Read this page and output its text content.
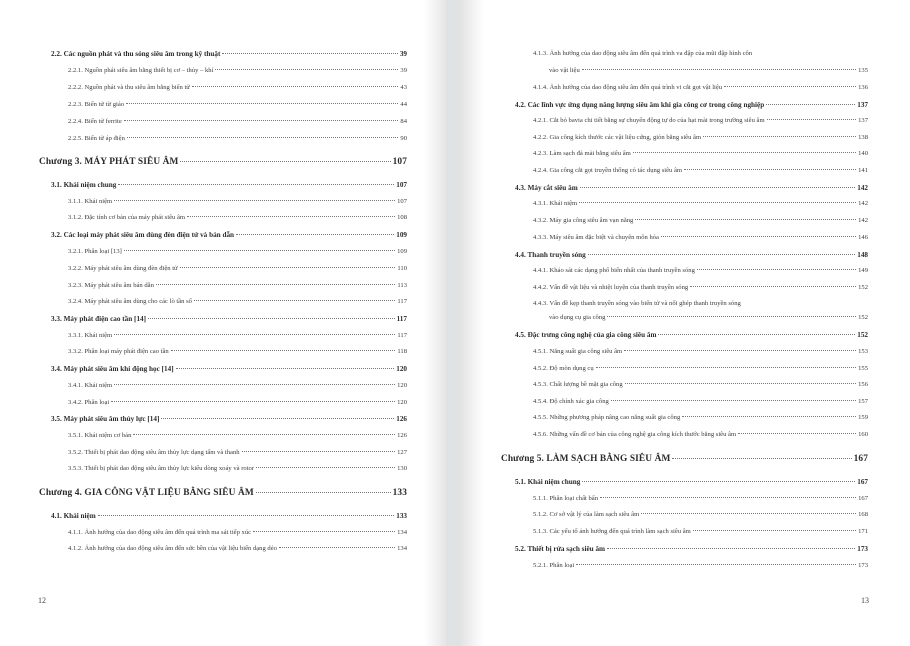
2.2. Các nguồn phát và thu sóng siêu âm trong kỹ thuật	39
2.2.1. Nguồn phát siêu âm bằng thiết bị cơ – thủy – khí	39
2.2.2. Nguồn phát và thu siêu âm bằng biến tử	43
2.2.3. Biến tử từ giảo	44
2.2.4. Biến tử ferrite	84
2.2.5. Biến tử áp điện	90
Chương 3. MÁY PHÁT SIÊU ÂM	107
3.1. Khái niệm chung	107
3.1.1. Khái niệm	107
3.1.2. Đặc tính cơ bản của máy phát siêu âm	108
3.2. Các loại máy phát siêu âm dùng đèn điện tử và bán dẫn	109
3.2.1. Phân loại [13]	109
3.2.2. Máy phát siêu âm dùng đèn điện tử	110
3.2.3. Máy phát siêu âm bán dẫn	113
3.2.4. Máy phát siêu âm dùng cho các lò tần số	117
3.3. Máy phát điện cao tần [14]	117
3.3.1. Khái niệm	117
3.3.2. Phân loại máy phát điện cao tần	118
3.4. Máy phát siêu âm khí động học [14]	120
3.4.1. Khái niệm	120
3.4.2. Phân loại	120
3.5. Máy phát siêu âm thủy lực [14]	126
3.5.1. Khái niệm cơ bản	126
3.5.2. Thiết bị phát dao động siêu âm thủy lực dạng tấm và thanh	127
3.5.3. Thiết bị phát dao động siêu âm thủy lực kiểu dòng xoáy và rotor	130
Chương 4. GIA CÔNG VẬT LIỆU BẰNG SIÊU ÂM	133
4.1. Khái niệm	133
4.1.1. Ảnh hưởng của dao động siêu âm đến quá trình ma sát tiếp xúc	134
4.1.2. Ảnh hưởng của dao động siêu âm đến sức bền của vật liệu biến dạng dẻo	134
12
4.1.3. Ảnh hưởng của dao động siêu âm đến quá trình va đập của mũi đập hình côn
vào vật liệu	135
4.1.4. Ảnh hưởng của dao động siêu âm đến quá trình vi cắt gọt vật liệu	136
4.2. Các lĩnh vực ứng dụng năng lượng siêu âm khi gia công cơ trong công nghiệp	137
4.2.1. Cắt bỏ bavia chi tiết bằng sự chuyển động tự do của hạt mài trong trường siêu âm	137
4.2.2. Gia công kích thước các vật liệu cứng, giòn bằng siêu âm	138
4.2.3. Làm sạch đá mài bằng siêu âm	140
4.2.4. Gia công cắt gọt truyền thống có tác dụng siêu âm	141
4.3. Máy cắt siêu âm	142
4.3.1. Khái niệm	142
4.3.2. Máy gia công siêu âm vạn năng	142
4.3.3. Máy siêu âm đặc biệt và chuyên môn hóa	146
4.4. Thanh truyền sóng	148
4.4.1. Khảo sát các dạng phổ biến nhất của thanh truyền sóng	149
4.4.2. Vấn đề vật liệu và nhiệt luyện của thanh truyền sóng	152
4.4.3. Vấn đề kẹp thanh truyền sóng vào biến tử và nối ghép thanh truyền sóng
vào dụng cụ gia công	152
4.5. Đặc trưng công nghệ của gia công siêu âm	152
4.5.1. Năng suất gia công siêu âm	153
4.5.2. Độ mòn dụng cụ	155
4.5.3. Chất lượng bề mặt gia công	156
4.5.4. Độ chính xác gia công	157
4.5.5. Những phương pháp nâng cao năng suất gia công	159
4.5.6. Những vấn đề cơ bản của công nghệ gia công kích thước bằng siêu âm	160
Chương 5. LÀM SẠCH BẰNG SIÊU ÂM	167
5.1. Khái niệm chung	167
5.1.1. Phân loại chất bẩn	167
5.1.2. Cơ sở vật lý của làm sạch siêu âm	168
5.1.3. Các yếu tố ảnh hưởng đến quá trình làm sạch siêu âm	171
5.2. Thiết bị rửa sạch siêu âm	173
5.2.1. Phân loại	173
13
